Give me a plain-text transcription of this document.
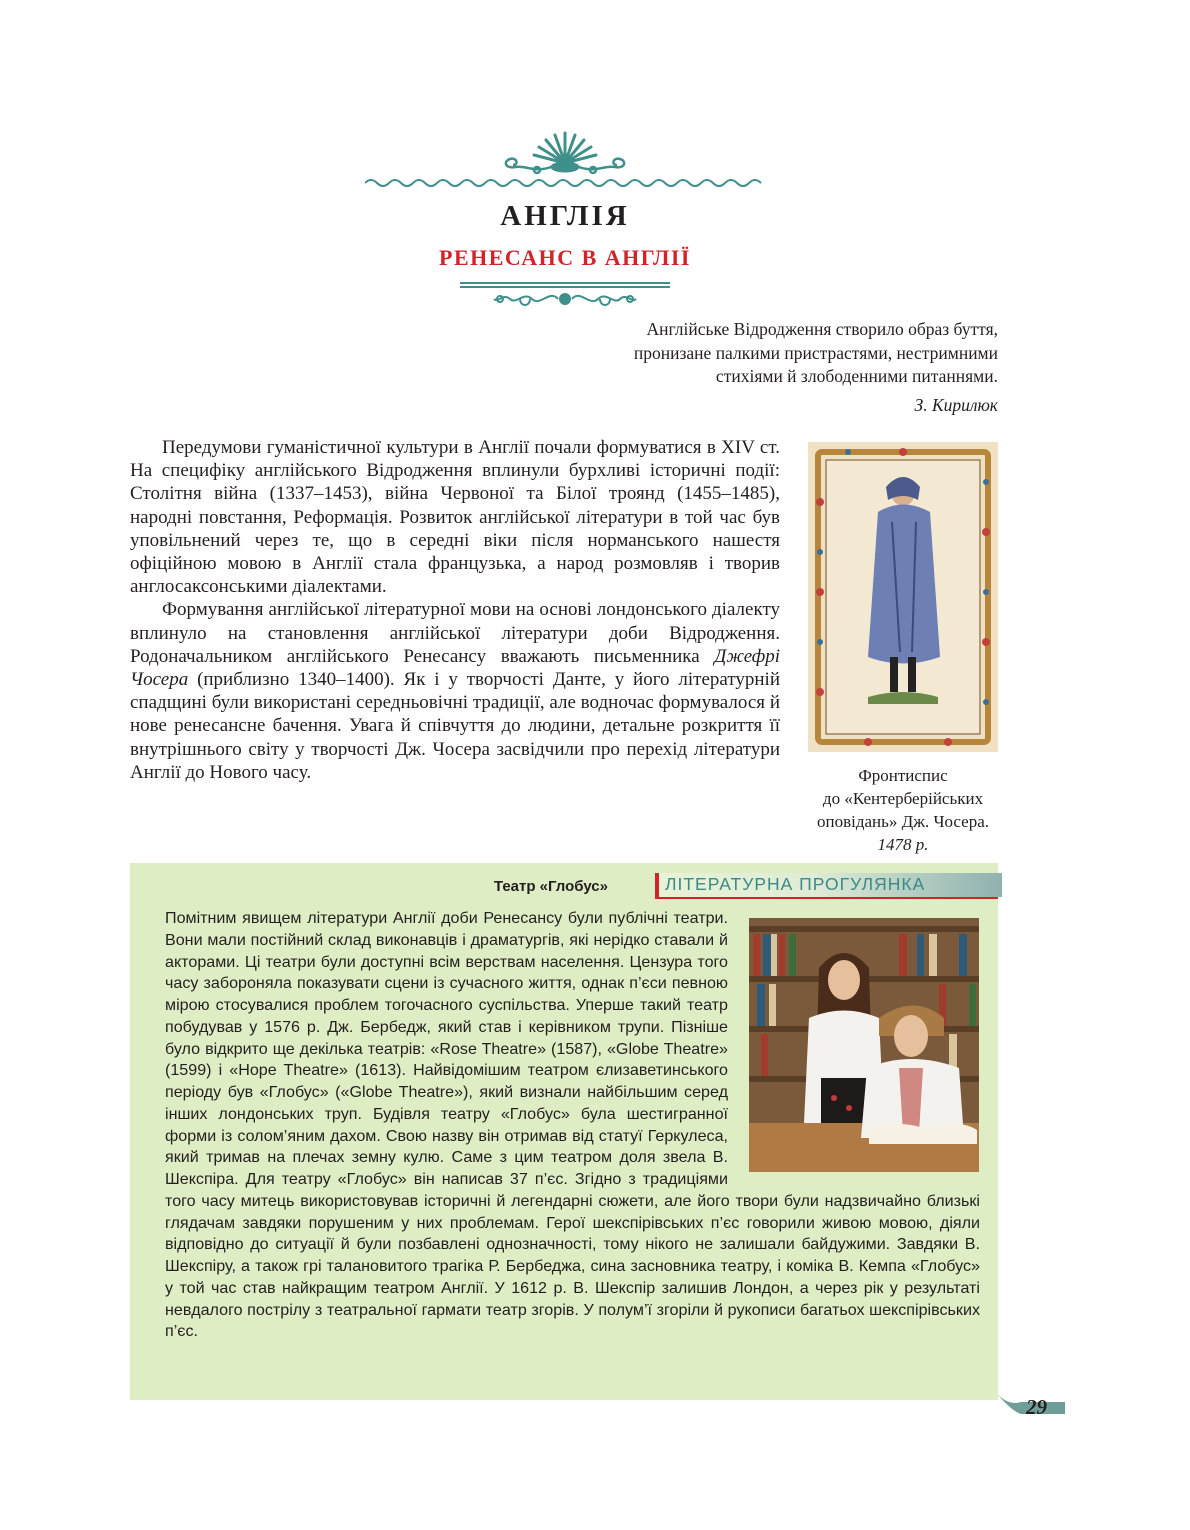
АНГЛІЯ
РЕНЕСАНС В АНГЛІЇ
Англійське Відродження створило образ буття,
пронизане палкими пристрастями, нестримними
стихіями й злободенними питаннями.
З. Кирилюк

Передумови гуманістичної культури в Англії почали формуватися в XIV ст. На специфіку англійського Відродження вплинули бурхливі історичні події: Столітня війна (1337–1453), війна Червоної та Білої троянд (1455–1485), народні повстання, Реформація. Розвиток англійської літератури в той час був уповільнений через те, що в середні віки після норманського нашестя офіційною мовою в Англії стала французька, а народ розмовляв і творив англосаксонськими діалектами.

Формування англійської літературної мови на основі лондонського діалекту вплинуло на становлення англійської літератури доби Відродження. Родоначальником англійського Ренесансу вважають письменника Джефрі Чосера (приблизно 1340–1400). Як і у творчості Данте, у його літературній спадщині були використані середньовічні традиції, але водночас формувалося й нове ренесансне бачення. Увага й співчуття до людини, детальне розкриття її внутрішнього світу у творчості Дж. Чосера засвідчили про перехід літератури Англії до Нового часу.	Фронтиспис
до «Кентерберійських
оповідань» Дж. Чосера.
1478 р.
Театр «Глобус»	ЛІТЕРАТУРНА ПРОГУЛЯНКА

Помітним явищем літератури Англії доби Ренесансу були публічні театри. Вони мали постійний склад виконавців і драматургів, які нерідко ставали й акторами. Ці театри були доступні всім верствам населення. Цензура того часу забороняла показувати сцени із сучасного життя, однак п’єси певною мірою стосувалися проблем тогочасного суспільства. Уперше такий театр побудував у 1576 р. Дж. Бербедж, який став і керівником трупи. Пізніше було відкрито ще декілька театрів: «Rose Theatre» (1587), «Globe Theatre» (1599) і «Hope Theatre» (1613). Найвідомішим театром єлизаветинського періоду був «Глобус» («Globe Theatre»), який визнали найбільшим серед інших лондонських труп. Будівля театру «Глобус» була шестигранної форми із солом’яним дахом. Свою назву він отримав від статуї Геркулеса, який тримав на плечах земну кулю. Саме з цим театром доля звела В. Шекспіра. Для театру «Глобус» він написав 37 п’єс. Згідно з традиціями того часу митець використовував історичні й легендарні сюжети, але його твори були надзвичайно близькі глядачам завдяки порушеним у них проблемам. Герої шекспірівських п’єс говорили живою мовою, діяли відповідно до ситуації й були позбавлені однозначності, тому нікого не залишали байдужими. Завдяки В. Шекспіру, а також грі талановитого трагіка Р. Бербеджа, сина засновника театру, і коміка В. Кемпа «Глобус» у той час став найкращим театром Англії. У 1612 р. В. Шекспір залишив Лондон, а через рік у результаті невдалого пострілу з театральної гармати театр згорів. У полум’ї згоріли й рукописи багатьох шекспірівських п’єс.

29
